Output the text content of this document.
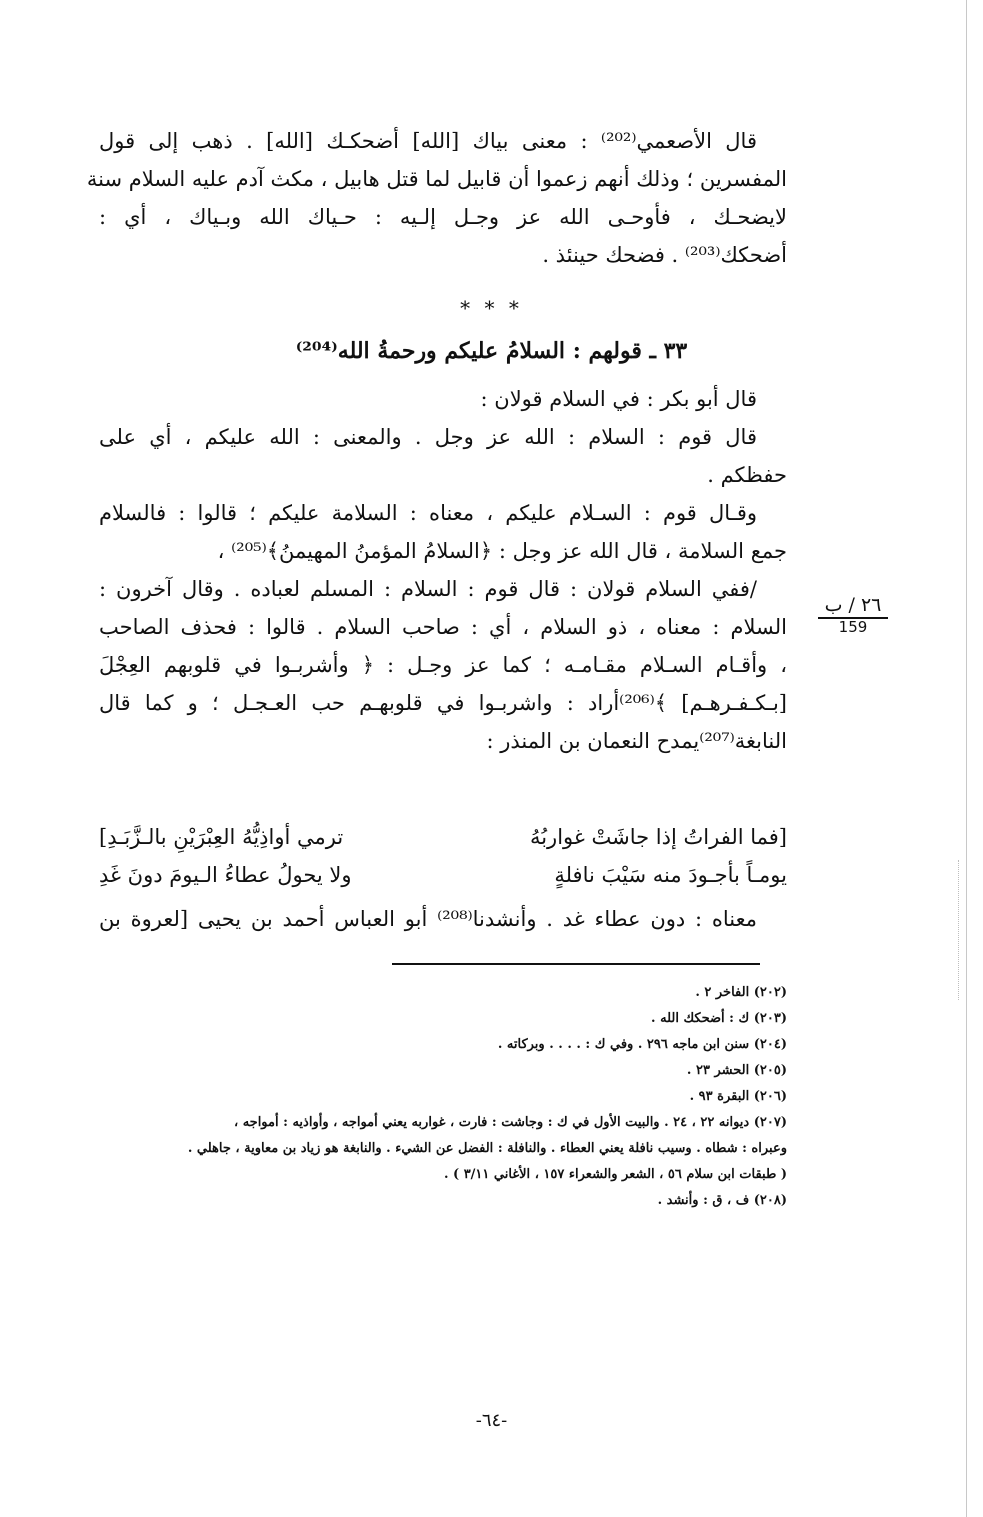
قال الأصعمي⁽²⁰²⁾ : معنى بياك [الله] أضحكـك [الله] . ذهب إلى قول
المفسرين ؛ وذلك أنهم زعموا أن قابيل لما قتل هابيل ، مكث آدم عليه السلام سنة
لايضحـك ، فأوحـى الله عز وجـل إلـيه : حـياك الله وبـياك ، أي :
أضحكك⁽²⁰³⁾ . فضحك حينئذ .
* * *
٣٣ ـ قولهم : السلامُ عليكم ورحمةُ الله⁽²⁰⁴⁾
قال أبو بكر : في السلام قولان :
قال قوم : السلام : الله عز وجل . والمعنى : الله عليكم ، أي على
حفظكم .
وقـال قوم : السـلام عليكم ، معناه : السلامة عليكم ؛ قالوا : فالسلام
جمع السلامة ، قال الله عز وجل : ﴿السلامُ المؤمنُ المهيمنُ﴾⁽²⁰⁵⁾ ،
/ففي السلام قولان : قال قوم : السلام : المسلم لعباده . وقال آخرون :
السلام : معناه ، ذو السلام ، أي : صاحب السلام . قالوا : فحذف الصاحب
، وأقـام السـلام مقـامـه ؛ كما عز وجـل : ﴿ وأشربـوا في قلوبهم العِجْلَ
[بـكـفـرهـم] ﴾⁽²⁰⁶⁾أراد : واشربـوا في قلوبهـم حب العـجـل ؛ و كما قال
النابغة⁽²⁰⁷⁾يمدح النعمان بن المنذر :
٢٦ / ب
159
[فما الفراتُ إذا جاشَتْ غواربُهُ
ترمي أواذِيُّهُ العِبْرَيْنِ بالـزَّبَـدِ]
يومـاً بأجـودَ منه سَيْبَ نافلةٍ
ولا يحولُ عطاءُ الـيومَ دونَ غَدِ
معناه : دون عطاء غد . وأنشدنا⁽²⁰⁸⁾ أبو العباس أحمد بن يحيى [لعروة بن
(٢٠٢) الفاخر ٢ .
(٢٠٣) ك : أضحكك الله .
(٢٠٤) سنن ابن ماجه ٢٩٦ . وفي ك : . . . . وبركاته .
(٢٠٥) الحشر ٢٣ .
(٢٠٦) البقرة ٩٣ .
(٢٠٧) ديوانه ٢٢ ، ٢٤ . والبيت الأول في ك : وجاشت : فارت ، غواربه يعني أمواجه ، وأواذيه : أمواجه ،
وعبراه : شطاه . وسيب نافلة يعني العطاء . والنافلة : الفضل عن الشيء . والنابغة هو زياد بن معاوية ، جاهلي .
( طبقات ابن سلام ٥٦ ، الشعر والشعراء ١٥٧ ، الأغاني ٣/١١ ) .
(٢٠٨) ف ، ق : وأنشد .
-٦٤-
